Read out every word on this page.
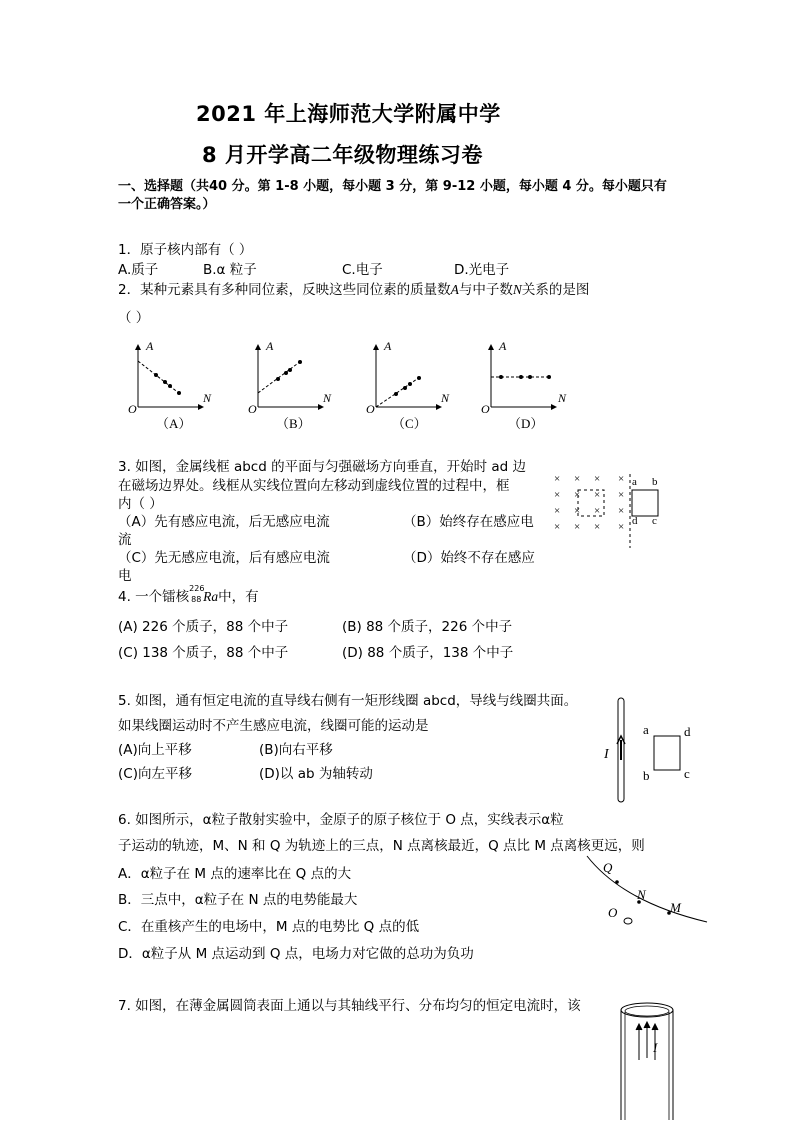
2021 年上海师范大学附属中学
8 月开学高二年级物理练习卷
一、选择题（共40 分。第 1-8 小题，每小题 3 分，第 9-12 小题，每小题 4 分。每小题只有
一个正确答案。）
1．原子核内部有（ ）
A.质子	B.α 粒子	C.电子	D.光电子
2．某种元素具有多种同位素，反映这些同位素的质量数A与中子数N关系的是图
（ ）
A
N
O
（A）
A
N
O
（B）
A
N
O
（C）
A
N
O
（D）
3. 如图，金属线框 abcd 的平面与匀强磁场方向垂直，开始时 ad 边
在磁场边界处。线框从实线位置向左移动到虚线位置的过程中，框
内（ ）
（A）先有感应电流，后无感应电流	（B）始终存在感应电
流
（C）先无感应电流，后有感应电流	（D）始终不存在感应
电
× × × ×
× × × ×
× × × ×
× × × ×
a b
d c
4. 一个镭核
226
88 Ra中，有
(A) 226 个质子，88 个中子	(B) 88 个质子，226 个中子
(C) 138 个质子，88 个中子	(D) 88 个质子，138 个中子
5. 如图，通有恒定电流的直导线右侧有一矩形线圈 abcd，导线与线圈共面。
如果线圈运动时不产生感应电流，线圈可能的运动是
(A)向上平移	(B)向右平移
(C)向左平移	(D)以 ab 为轴转动
I
a	d
b	c
6. 如图所示，α粒子散射实验中，金原子的原子核位于 O 点，实线表示α粒
子运动的轨迹，M、N 和 Q 为轨迹上的三点，N 点离核最近，Q 点比 M 点离核更远，则
A．α粒子在 M 点的速率比在 Q 点的大
B．三点中，α粒子在 N 点的电势能最大
C．在重核产生的电场中，M 点的电势比 Q 点的低
D．α粒子从 M 点运动到 Q 点，电场力对它做的总功为负功
Q
N
M
O
7. 如图，在薄金属圆筒表面上通以与其轴线平行、分布均匀的恒定电流时，该
I
